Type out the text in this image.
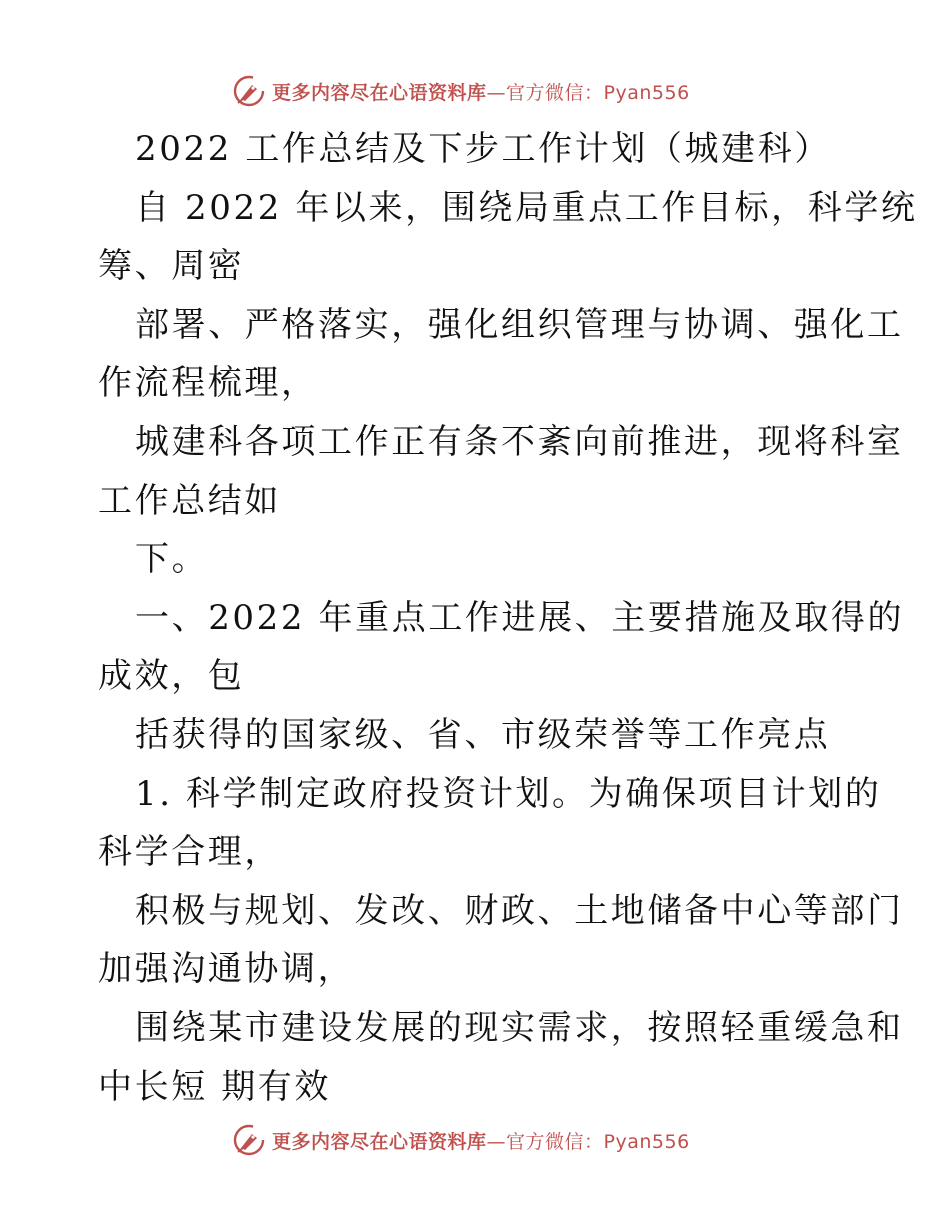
更多内容尽在心语资料库 —官方微信：Pyan556
2022 工作总结及下步工作计划（城建科）
自 2022 年以来，围绕局重点工作目标，科学统
筹、周密
部署、严格落实，强化组织管理与协调、强化工
作流程梳理，
城建科各项工作正有条不紊向前推进，现将科室
工作总结如
下。
一、2022 年重点工作进展、主要措施及取得的
成效，包
括获得的国家级、省、市级荣誉等工作亮点
1. 科学制定政府投资计划。为确保项目计划的
科学合理，
积极与规划、发改、财政、土地储备中心等部门
加强沟通协调，
围绕某市建设发展的现实需求，按照轻重缓急和
中长短 期有效
更多内容尽在心语资料库 —官方微信：Pyan556
